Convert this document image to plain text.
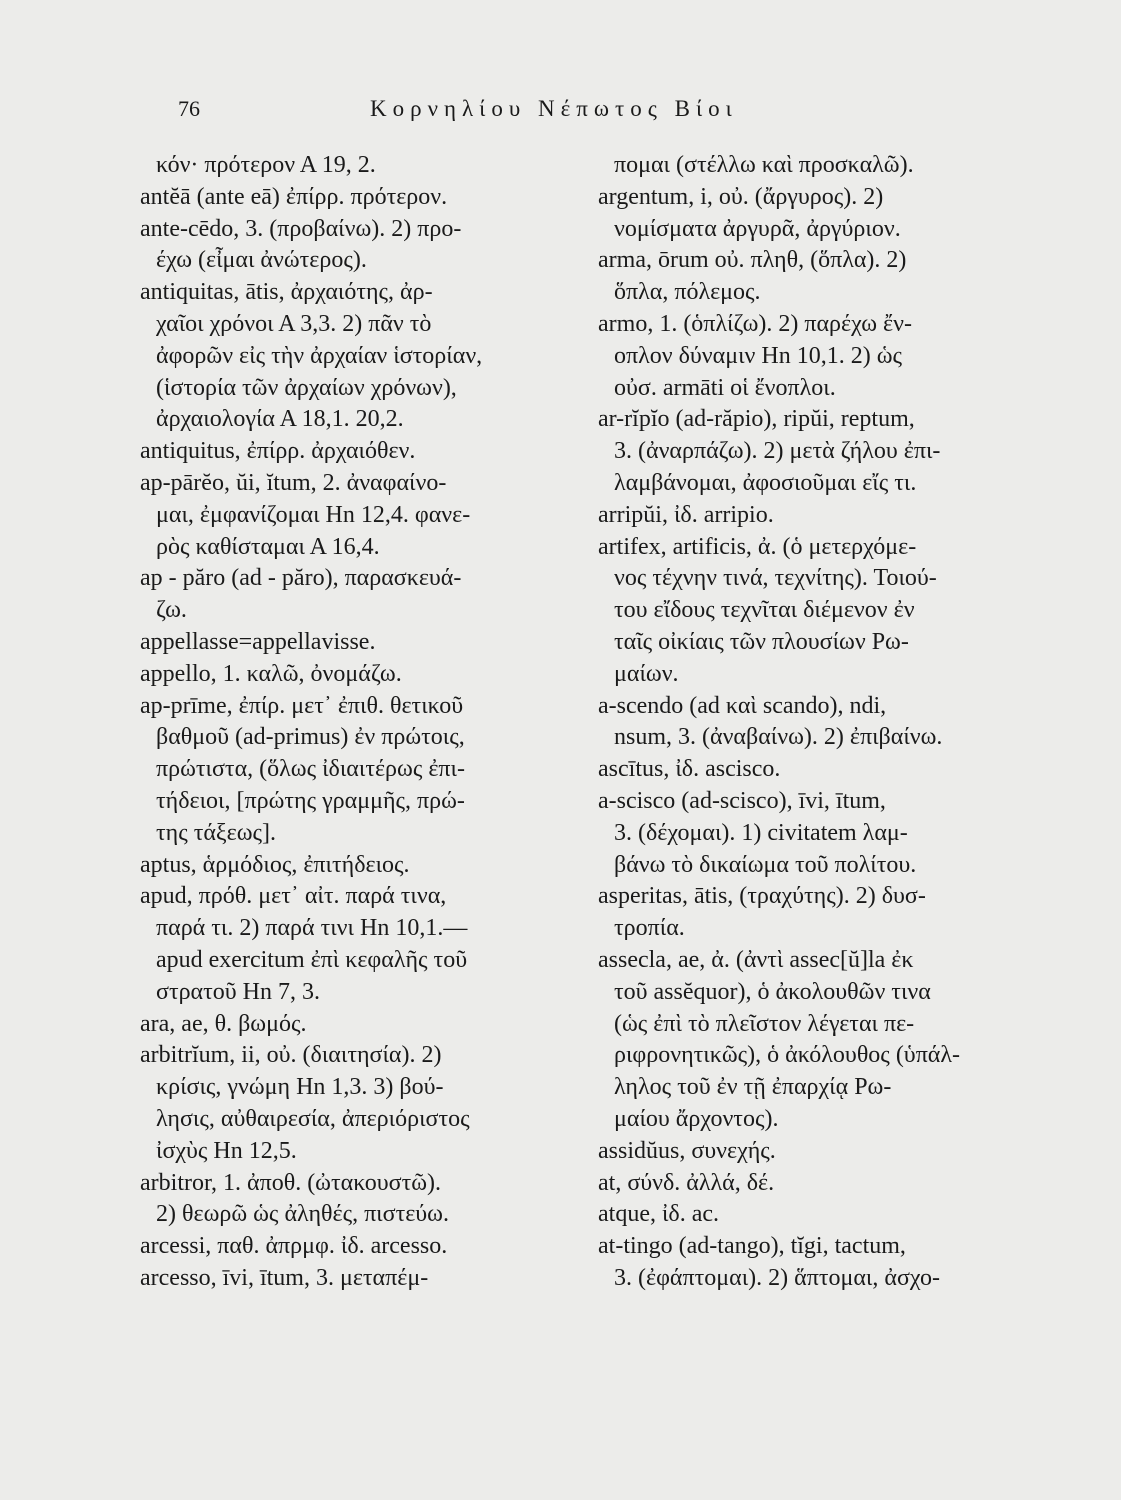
76	Κορνηλίου Νέπωτος Βίοι
κόν· πρότερον Α 19, 2.
antĕā (ante eā) ἐπίρρ. πρότερον.
ante-cēdo, 3. (προβαίνω). 2) προ-
έχω (εἶμαι ἀνώτερος).
antiquitas, ātis, ἀρχαιότης, ἀρ-
χαῖοι χρόνοι Α 3,3. 2) πᾶν τὸ
ἀφορῶν εἰς τὴν ἀρχαίαν ἱστορίαν,
(ἱστορία τῶν ἀρχαίων χρόνων),
ἀρχαιολογία Α 18,1. 20,2.
antiquitus, ἐπίρρ. ἀρχαιόθεν.
ap-pārĕo, ŭi, ĭtum, 2. ἀναφαίνο-
μαι, ἐμφανίζομαι Hn 12,4. φανε-
ρὸς καθίσταμαι Α 16,4.
ap - păro (ad - păro), παρασκευά-
ζω.
appellasse=appellavisse.
appello, 1. καλῶ, ὀνομάζω.
ap-prīme, ἐπίρ. μετ᾽ ἐπιθ. θετικοῦ
βαθμοῦ (ad-primus) ἐν πρώτοις,
πρώτιστα, (ὅλως ἰδιαιτέρως ἐπι-
τήδειοι, [πρώτης γραμμῆς, πρώ-
της τάξεως].
aptus, ἁρμόδιος, ἐπιτήδειος.
apud, πρόθ. μετ᾽ αἰτ. παρά τινα,
παρά τι. 2) παρά τινι Hn 10,1.—
apud exercitum ἐπὶ κεφαλῆς τοῦ
στρατοῦ Hn 7, 3.
ara, ae, θ. βωμός.
arbitrĭum, ii, οὐ. (διαιτησία). 2)
κρίσις, γνώμη Hn 1,3. 3) βού-
λησις, αὐθαιρεσία, ἀπεριόριστος
ἰσχὺς Hn 12,5.
arbitror, 1. ἀποθ. (ὠτακουστῶ).
2) θεωρῶ ὡς ἀληθές, πιστεύω.
arcessi, παθ. ἀπρμφ. ἰδ. arcesso.
arcesso, īvi, ītum, 3. μεταπέμ-
πομαι (στέλλω καὶ προσκαλῶ).
argentum, i, οὐ. (ἄργυρος). 2)
νομίσματα ἀργυρᾶ, ἀργύριον.
arma, ōrum οὐ. πληθ, (ὅπλα). 2)
ὅπλα, πόλεμος.
armo, 1. (ὁπλίζω). 2) παρέχω ἔν-
οπλον δύναμιν Hn 10,1. 2) ὡς
οὐσ. armāti οἱ ἔνοπλοι.
ar-rĭpĭo (ad-răpio), ripŭi, reptum,
3. (ἀναρπάζω). 2) μετὰ ζήλου ἐπι-
λαμβάνομαι, ἀφοσιοῦμαι εἴς τι.
arripŭi, ἰδ. arripio.
artifex, artificis, ἀ. (ὁ μετερχόμε-
νος τέχνην τινά, τεχνίτης). Τοιού-
του εἴδους τεχνῖται διέμενον ἐν
ταῖς οἰκίαις τῶν πλουσίων Ρω-
μαίων.
a-scendo (ad καὶ scando), ndi,
nsum, 3. (ἀναβαίνω). 2) ἐπιβαίνω.
ascītus, ἰδ. ascisco.
a-scisco (ad-scisco), īvi, ītum,
3. (δέχομαι). 1) civitatem λαμ-
βάνω τὸ δικαίωμα τοῦ πολίτου.
asperitas, ātis, (τραχύτης). 2) δυσ-
τροπία.
assecla, ae, ἀ. (ἀντὶ assec[ŭ]la ἐκ
τοῦ assĕquor), ὁ ἀκολουθῶν τινα
(ὡς ἐπὶ τὸ πλεῖστον λέγεται πε-
ριφρονητικῶς), ὁ ἀκόλουθος (ὑπάλ-
ληλος τοῦ ἐν τῇ ἐπαρχίᾳ Ρω-
μαίου ἄρχοντος).
assidŭus, συνεχής.
at, σύνδ. ἀλλά, δέ.
atque, ἰδ. ac.
at-tingo (ad-tango), tĭgi, tactum,
3. (ἐφάπτομαι). 2) ἅπτομαι, ἀσχο-
